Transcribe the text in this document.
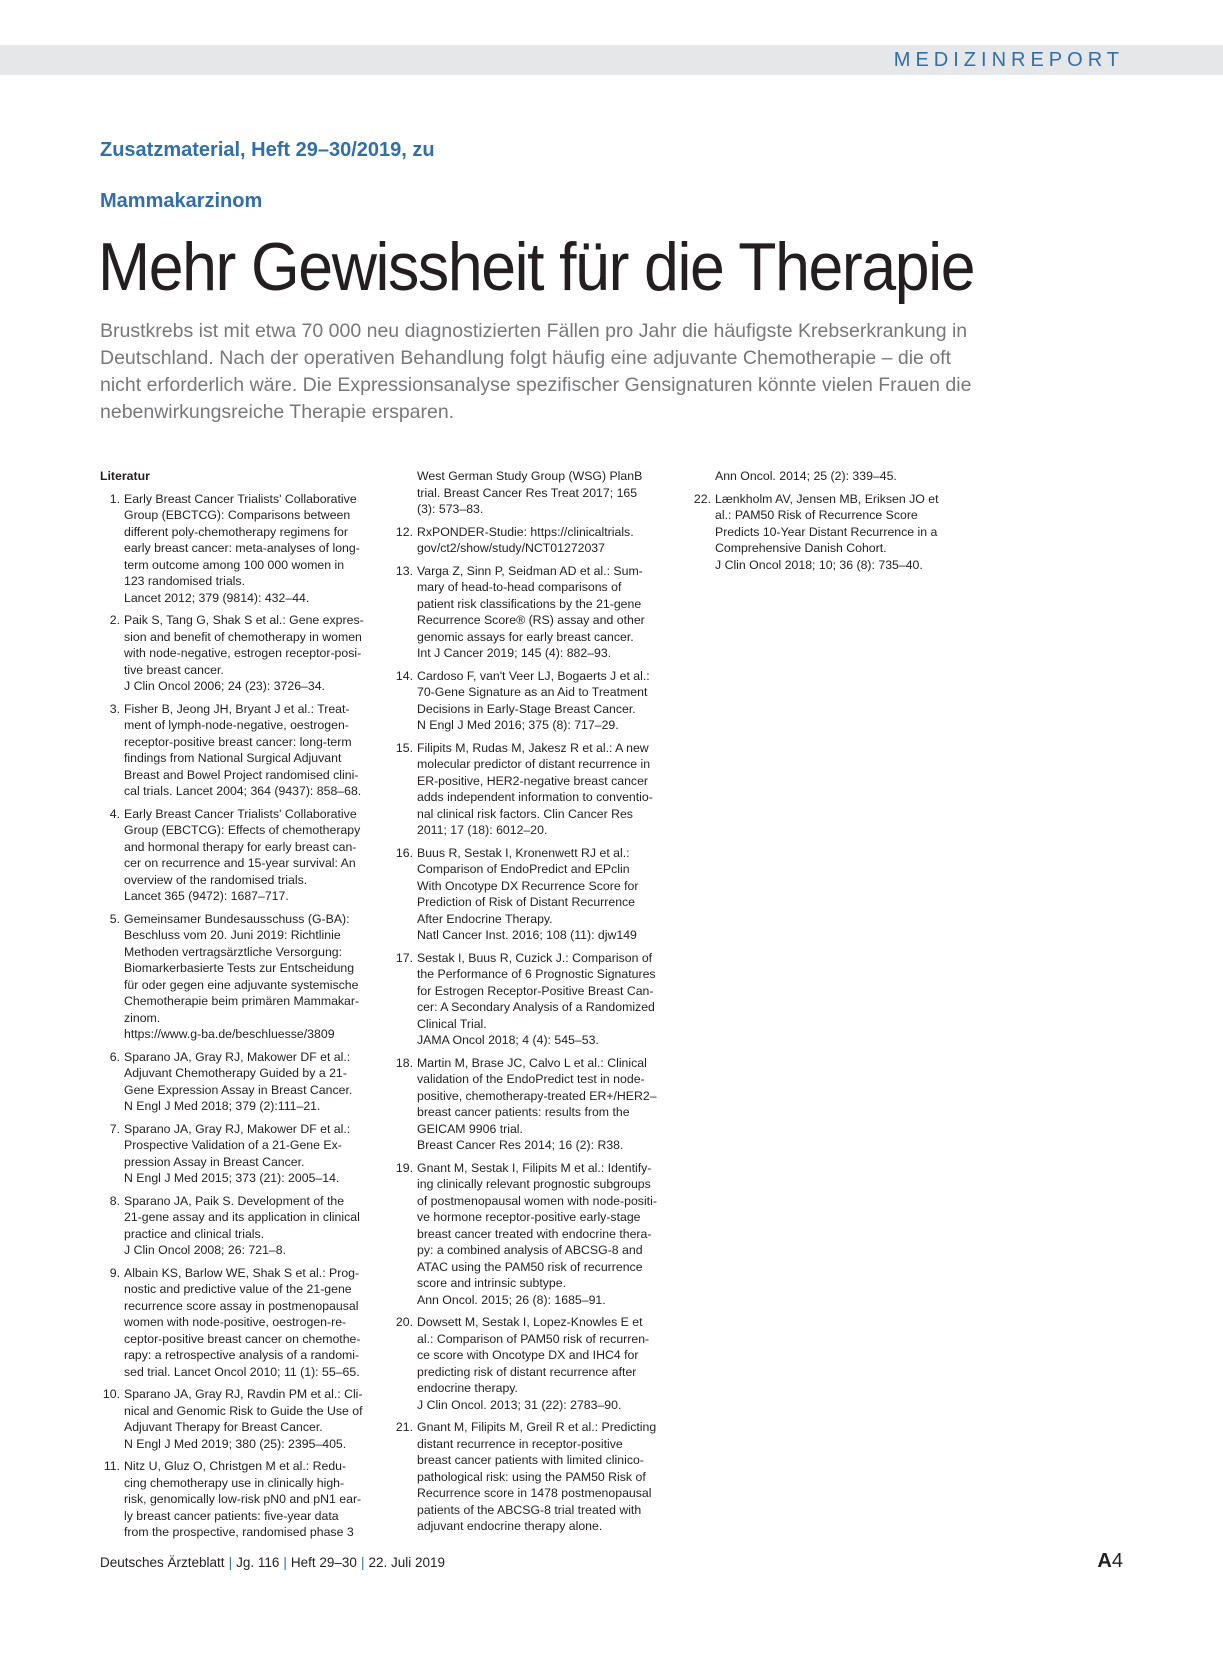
MEDIZINREPORT
Zusatzmaterial, Heft 29–30/2019, zu
Mammakarzinom
Mehr Gewissheit für die Therapie

Brustkrebs ist mit etwa 70 000 neu diagnostizierten Fällen pro Jahr die häufigste Krebserkrankung in Deutschland. Nach der operativen Behandlung folgt häufig eine adjuvante Chemotherapie – die oft nicht erforderlich wäre. Die Expressionsanalyse spezifischer Gensignaturen könnte vielen Frauen die nebenwirkungsreiche Therapie ersparen.

Literatur
1. Early Breast Cancer Trialists' Collaborative
Group (EBCTCG): Comparisons between
different poly-chemotherapy regimens for
early breast cancer: meta-analyses of long-
term outcome among 100 000 women in
123 randomised trials.
Lancet 2012; 379 (9814): 432–44.
2. Paik S, Tang G, Shak S et al.: Gene expres-
sion and benefit of chemotherapy in women
with node-negative, estrogen receptor-posi-
tive breast cancer.
J Clin Oncol 2006; 24 (23): 3726–34.
3. Fisher B, Jeong JH, Bryant J et al.: Treat-
ment of lymph-node-negative, oestrogen-
receptor-positive breast cancer: long-term
findings from National Surgical Adjuvant
Breast and Bowel Project randomised clini-
cal trials. Lancet 2004; 364 (9437): 858–68.
4. Early Breast Cancer Trialists' Collaborative
Group (EBCTCG): Effects of chemotherapy
and hormonal therapy for early breast can-
cer on recurrence and 15-year survival: An
overview of the randomised trials.
Lancet 365 (9472): 1687–717.
5. Gemeinsamer Bundesausschuss (G-BA):
Beschluss vom 20. Juni 2019: Richtlinie
Methoden vertragsärztliche Versorgung:
Biomarkerbasierte Tests zur Entscheidung
für oder gegen eine adjuvante systemische
Chemotherapie beim primären Mammakar-
zinom.
https://www.g-ba.de/beschluesse/3809
6. Sparano JA, Gray RJ, Makower DF et al.:
Adjuvant Chemotherapy Guided by a 21-
Gene Expression Assay in Breast Cancer.
N Engl J Med 2018; 379 (2):111–21.
7. Sparano JA, Gray RJ, Makower DF et al.:
Prospective Validation of a 21-Gene Ex-
pression Assay in Breast Cancer.
N Engl J Med 2015; 373 (21): 2005–14.
8. Sparano JA, Paik S. Development of the
21-gene assay and its application in clinical
practice and clinical trials.
J Clin Oncol 2008; 26: 721–8.
9. Albain KS, Barlow WE, Shak S et al.: Prog-
nostic and predictive value of the 21-gene
recurrence score assay in postmenopausal
women with node-positive, oestrogen-re-
ceptor-positive breast cancer on chemothe-
rapy: a retrospective analysis of a randomi-
sed trial. Lancet Oncol 2010; 11 (1): 55–65.
10. Sparano JA, Gray RJ, Ravdin PM et al.: Cli-
nical and Genomic Risk to Guide the Use of
Adjuvant Therapy for Breast Cancer.
N Engl J Med 2019; 380 (25): 2395–405.
11. Nitz U, Gluz O, Christgen M et al.: Redu-
cing chemotherapy use in clinically high-
risk, genomically low-risk pN0 and pN1 ear-
ly breast cancer patients: five-year data
from the prospective, randomised phase 3
West German Study Group (WSG) PlanB
trial. Breast Cancer Res Treat 2017; 165
(3): 573–83.
12. RxPONDER-Studie: https://clinicaltrials.
gov/ct2/show/study/NCT01272037
13. Varga Z, Sinn P, Seidman AD et al.: Sum-
mary of head-to-head comparisons of
patient risk classifications by the 21-gene
Recurrence Score® (RS) assay and other
genomic assays for early breast cancer.
Int J Cancer 2019; 145 (4): 882–93.
14. Cardoso F, van't Veer LJ, Bogaerts J et al.:
70-Gene Signature as an Aid to Treatment
Decisions in Early-Stage Breast Cancer.
N Engl J Med 2016; 375 (8): 717–29.
15. Filipits M, Rudas M, Jakesz R et al.: A new
molecular predictor of distant recurrence in
ER-positive, HER2-negative breast cancer
adds independent information to conventio-
nal clinical risk factors. Clin Cancer Res
2011; 17 (18): 6012–20.
16. Buus R, Sestak I, Kronenwett RJ et al.:
Comparison of EndoPredict and EPclin
With Oncotype DX Recurrence Score for
Prediction of Risk of Distant Recurrence
After Endocrine Therapy.
Natl Cancer Inst. 2016; 108 (11): djw149
17. Sestak I, Buus R, Cuzick J.: Comparison of
the Performance of 6 Prognostic Signatures
for Estrogen Receptor-Positive Breast Can-
cer: A Secondary Analysis of a Randomized
Clinical Trial.
JAMA Oncol 2018; 4 (4): 545–53.
18. Martin M, Brase JC, Calvo L et al.: Clinical
validation of the EndoPredict test in node-
positive, chemotherapy-treated ER+/HER2–
breast cancer patients: results from the
GEICAM 9906 trial.
Breast Cancer Res 2014; 16 (2): R38.
19. Gnant M, Sestak I, Filipits M et al.: Identify-
ing clinically relevant prognostic subgroups
of postmenopausal women with node-positi-
ve hormone receptor-positive early-stage
breast cancer treated with endocrine thera-
py: a combined analysis of ABCSG-8 and
ATAC using the PAM50 risk of recurrence
score and intrinsic subtype.
Ann Oncol. 2015; 26 (8): 1685–91.
20. Dowsett M, Sestak I, Lopez-Knowles E et
al.: Comparison of PAM50 risk of recurren-
ce score with Oncotype DX and IHC4 for
predicting risk of distant recurrence after
endocrine therapy.
J Clin Oncol. 2013; 31 (22): 2783–90.
21. Gnant M, Filipits M, Greil R et al.: Predicting
distant recurrence in receptor-positive
breast cancer patients with limited clinico-
pathological risk: using the PAM50 Risk of
Recurrence score in 1478 postmenopausal
patients of the ABCSG-8 trial treated with
adjuvant endocrine therapy alone.
Ann Oncol. 2014; 25 (2): 339–45.
22. Lænkholm AV, Jensen MB, Eriksen JO et
al.: PAM50 Risk of Recurrence Score
Predicts 10-Year Distant Recurrence in a
Comprehensive Danish Cohort.
J Clin Oncol 2018; 10; 36 (8): 735–40.
Deutsches Ärzteblatt | Jg. 116 | Heft 29–30 | 22. Juli 2019	A4
